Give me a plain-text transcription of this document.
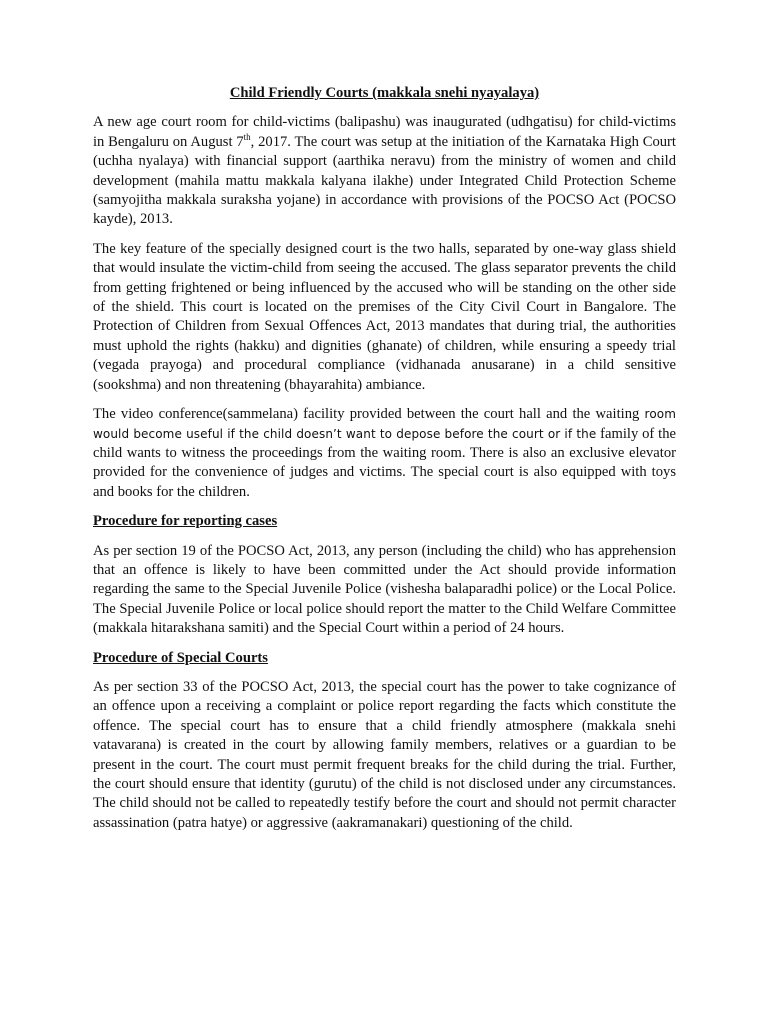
Child Friendly Courts (makkala snehi nyayalaya)
A new age court room for child-victims (balipashu) was inaugurated (udhgatisu) for child-victims in Bengaluru on August 7th, 2017. The court was setup at the initiation of the Karnataka High Court (uchha nyalaya) with financial support (aarthika neravu) from the ministry of women and child development (mahila mattu makkala kalyana ilakhe) under Integrated Child Protection Scheme (samyojitha makkala suraksha yojane) in accordance with provisions of the POCSO Act (POCSO kayde), 2013.
The key feature of the specially designed court is the two halls, separated by one-way glass shield that would insulate the victim-child from seeing the accused. The glass separator prevents the child from getting frightened or being influenced by the accused who will be standing on the other side of the shield. This court is located on the premises of the City Civil Court in Bangalore. The Protection of Children from Sexual Offences Act, 2013 mandates that during trial, the authorities must uphold the rights (hakku) and dignities (ghanate) of children, while ensuring a speedy trial (vegada prayoga) and procedural compliance (vidhanada anusarane) in a child sensitive (sookshma) and non threatening (bhayarahita) ambiance.
The video conference(sammelana) facility provided between the court hall and the waiting room would become useful if the child doesn’t want to depose before the court or if the family of the child wants to witness the proceedings from the waiting room. There is also an exclusive elevator provided for the convenience of judges and victims. The special court is also equipped with toys and books for the children.
Procedure for reporting cases
As per section 19 of the POCSO Act, 2013, any person (including the child) who has apprehension that an offence is likely to have been committed under the Act should provide information regarding the same to the Special Juvenile Police (vishesha balaparadhi police) or the Local Police. The Special Juvenile Police or local police should report the matter to the Child Welfare Committee (makkala hitarakshana samiti) and the Special Court within a period of 24 hours.
Procedure of Special Courts
As per section 33 of the POCSO Act, 2013, the special court has the power to take cognizance of an offence upon a receiving a complaint or police report regarding the facts which constitute the offence. The special court has to ensure that a child friendly atmosphere (makkala snehi vatavarana) is created in the court by allowing family members, relatives or a guardian to be present in the court. The court must permit frequent breaks for the child during the trial. Further, the court should ensure that identity (gurutu) of the child is not disclosed under any circumstances. The child should not be called to repeatedly testify before the court and should not permit character assassination (patra hatye) or aggressive (aakramanakari) questioning of the child.
